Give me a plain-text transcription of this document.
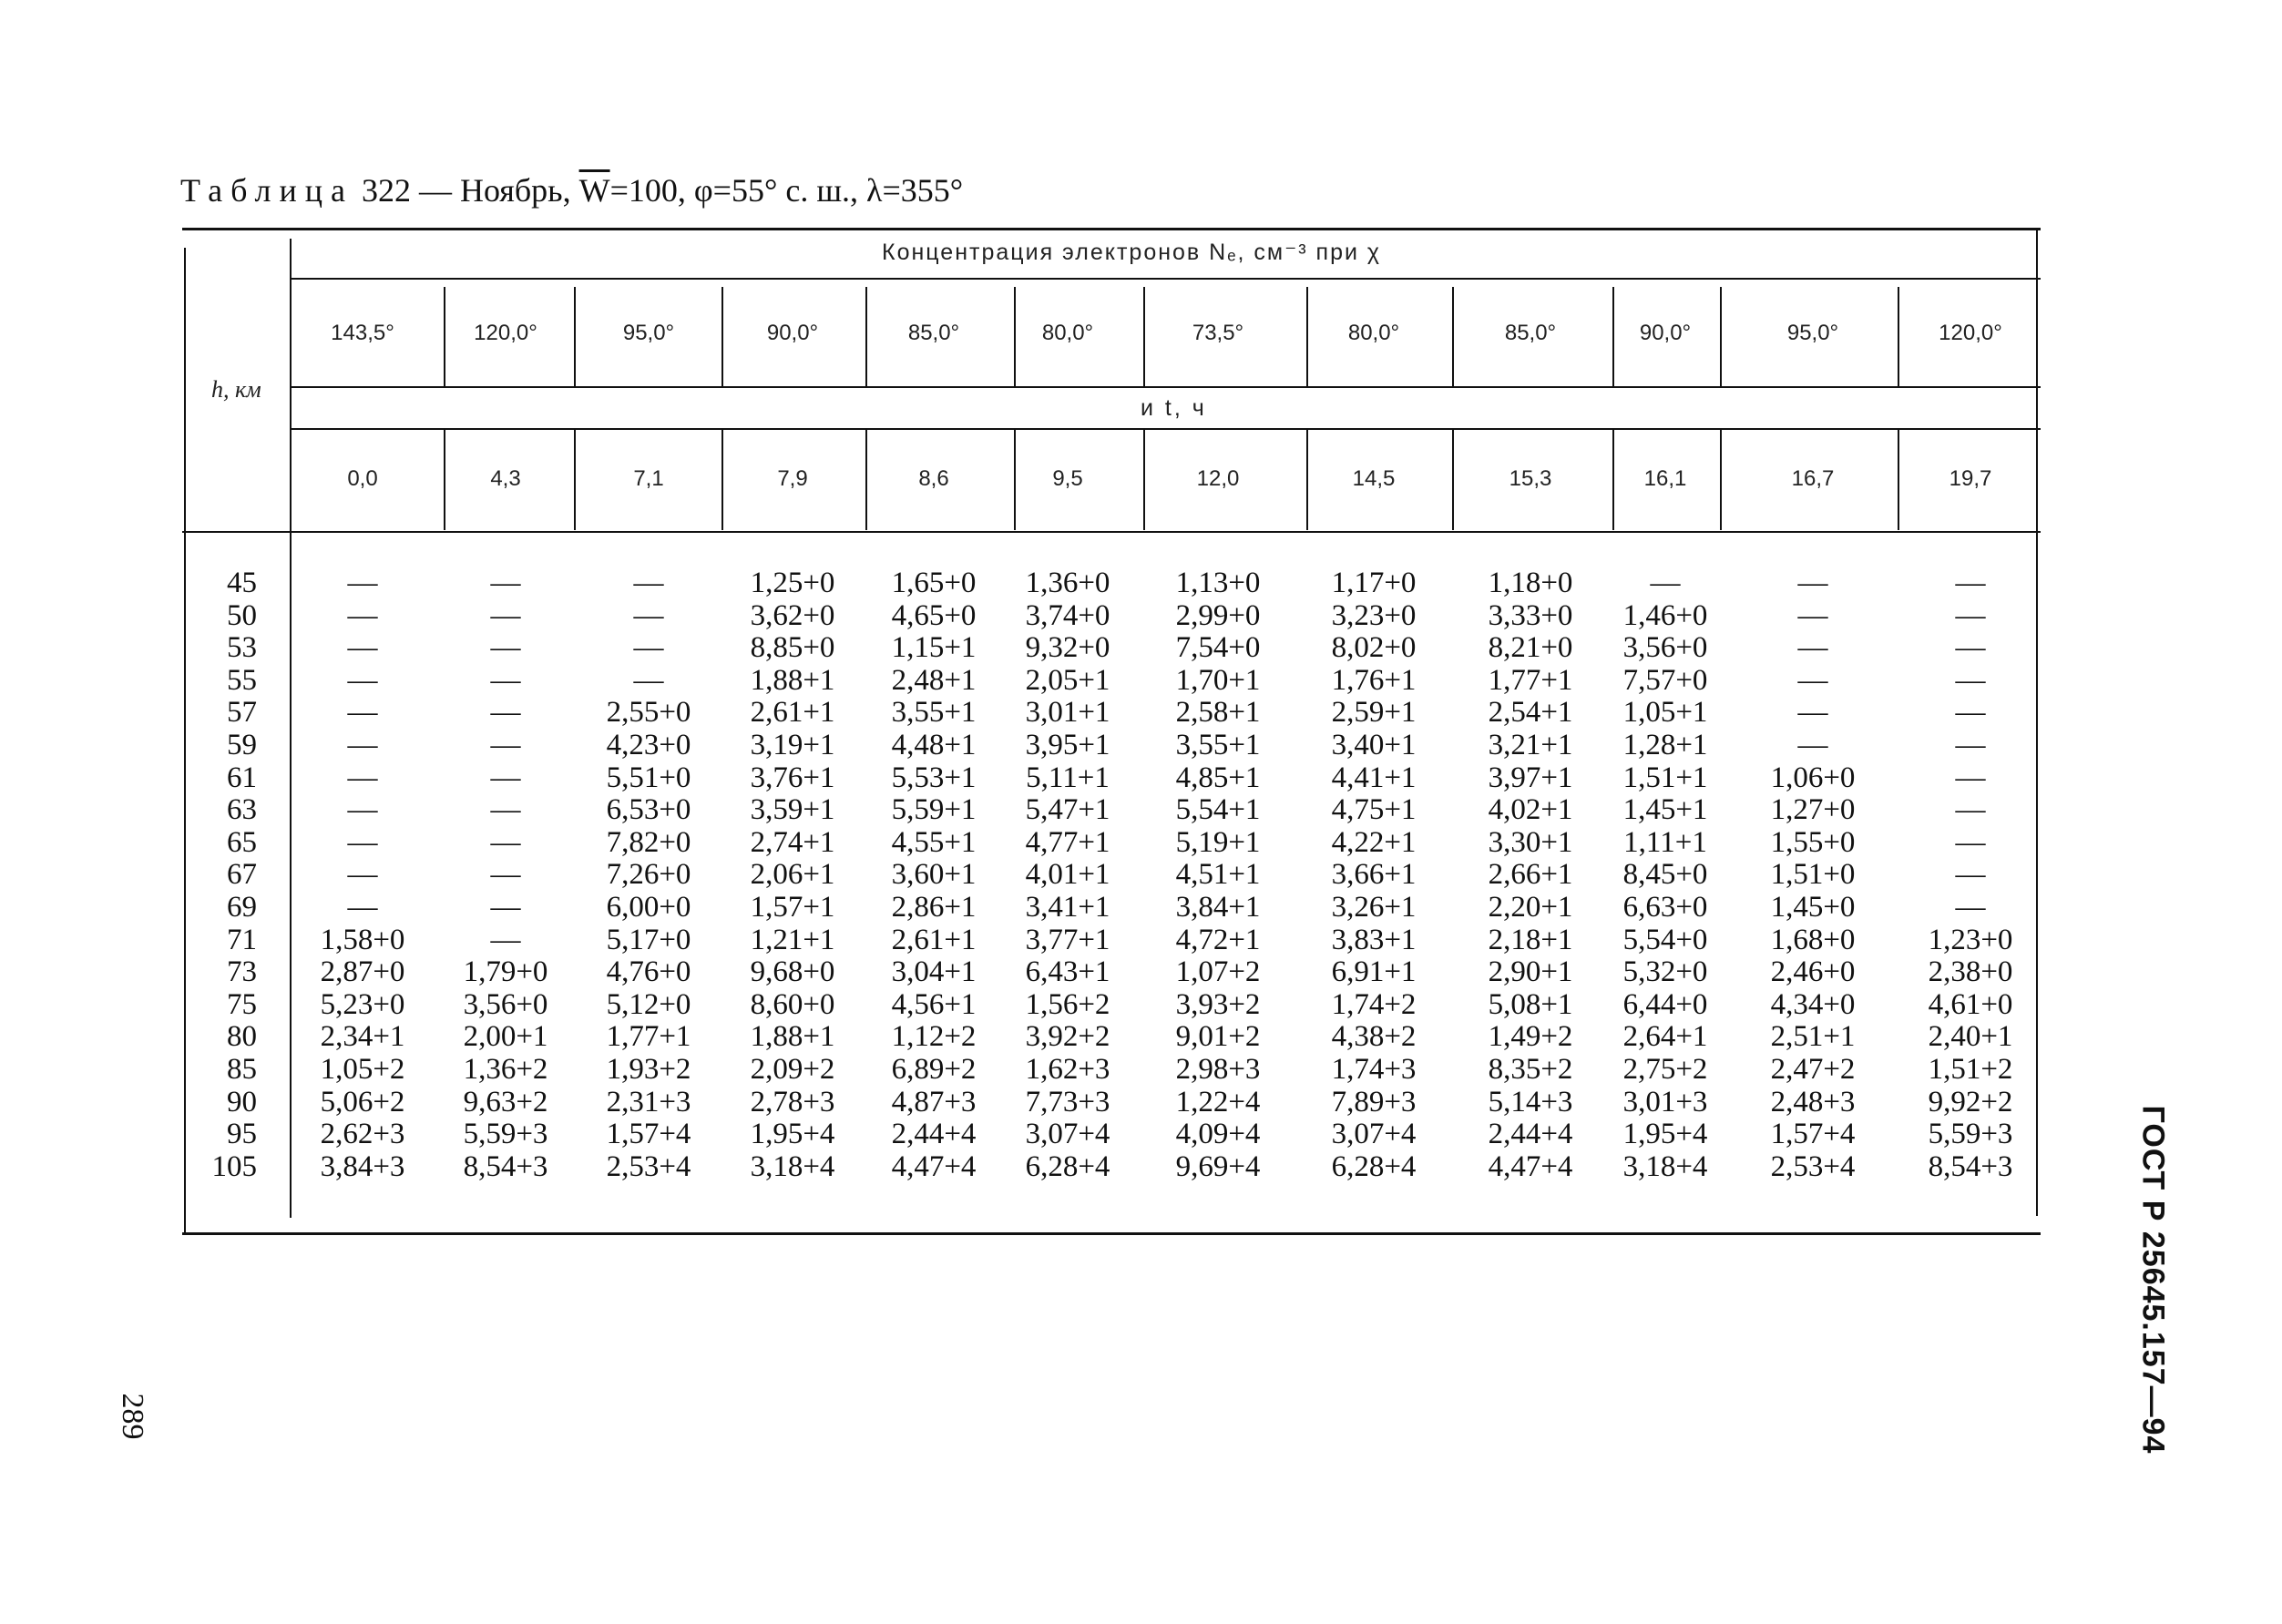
Таблица 322 — Ноябрь, $\overline{W}=100$, φ=55° с. ш., λ=355°
h, км
Концентрация электронов Nₑ, см⁻³ при χ
и t, ч
143,5°	120,0°	95,0°	90,0°	85,0°	80,0°	73,5°	80,0°	85,0°	90,0°	95,0°	120,0°
0,0	4,3	7,1	7,9	8,6	9,5	12,0	14,5	15,3	16,1	16,7	19,7
45	—	—	—	1,25+0 1,65+0 1,36+0 1,13+0 1,17+0 1,18+0	—	—	—
50	—	—	—	3,62+0 4,65+0 3,74+0 2,99+0 3,23+0 3,33+0 1,46+0	—	—
53	—	—	—	8,85+0 1,15+1 9,32+0 7,54+0 8,02+0 8,21+0 3,56+0	—	—
55	—	—	—	1,88+1 2,48+1 2,05+1 1,70+1 1,76+1 1,77+1 7,57+0	—	—
57	—	—	2,55+0 2,61+1 3,55+1 3,01+1 2,58+1 2,59+1 2,54+1 1,05+1	—	—
59	—	—	4,23+0 3,19+1 4,48+1 3,95+1 3,55+1 3,40+1 3,21+1 1,28+1	—	—
61	—	—	5,51+0 3,76+1 5,53+1 5,11+1 4,85+1 4,41+1 3,97+1 1,51+1 1,06+0	—
63	—	—	6,53+0 3,59+1 5,59+1 5,47+1 5,54+1 4,75+1 4,02+1 1,45+1 1,27+0	—
65	—	—	7,82+0 2,74+1 4,55+1 4,77+1 5,19+1 4,22+1 3,30+1 1,11+1 1,55+0	—
67	—	—	7,26+0 2,06+1 3,60+1 4,01+1 4,51+1 3,66+1 2,66+1 8,45+0 1,51+0	—
69	—	—	6,00+0 1,57+1 2,86+1 3,41+1 3,84+1 3,26+1 2,20+1 6,63+0 1,45+0	—
71 1,58+0	—	5,17+0 1,21+1 2,61+1 3,77+1 4,72+1 3,83+1 2,18+1 5,54+0 1,68+0 1,23+0
73 2,87+0 1,79+0 4,76+0 9,68+0 3,04+1 6,43+1 1,07+2 6,91+1 2,90+1 5,32+0 2,46+0 2,38+0
75 5,23+0 3,56+0 5,12+0 8,60+0 4,56+1 1,56+2 3,93+2 1,74+2 5,08+1 6,44+0 4,34+0 4,61+0
80 2,34+1 2,00+1 1,77+1 1,88+1 1,12+2 3,92+2 9,01+2 4,38+2 1,49+2 2,64+1 2,51+1 2,40+1
85 1,05+2 1,36+2 1,93+2 2,09+2 6,89+2 1,62+3 2,98+3 1,74+3 8,35+2 2,75+2 2,47+2 1,51+2
90 5,06+2 9,63+2 2,31+3 2,78+3 4,87+3 7,73+3 1,22+4 7,89+3 5,14+3 3,01+3 2,48+3 9,92+2
95 2,62+3 5,59+3 1,57+4 1,95+4 2,44+4 3,07+4 4,09+4 3,07+4 2,44+4 1,95+4 1,57+4 5,59+3
105 3,84+3 8,54+3 2,53+4 3,18+4 4,47+4 6,28+4 9,69+4 6,28+4 4,47+4 3,18+4 2,53+4 8,54+3	ГОСТ Р 25645.157—94
289
